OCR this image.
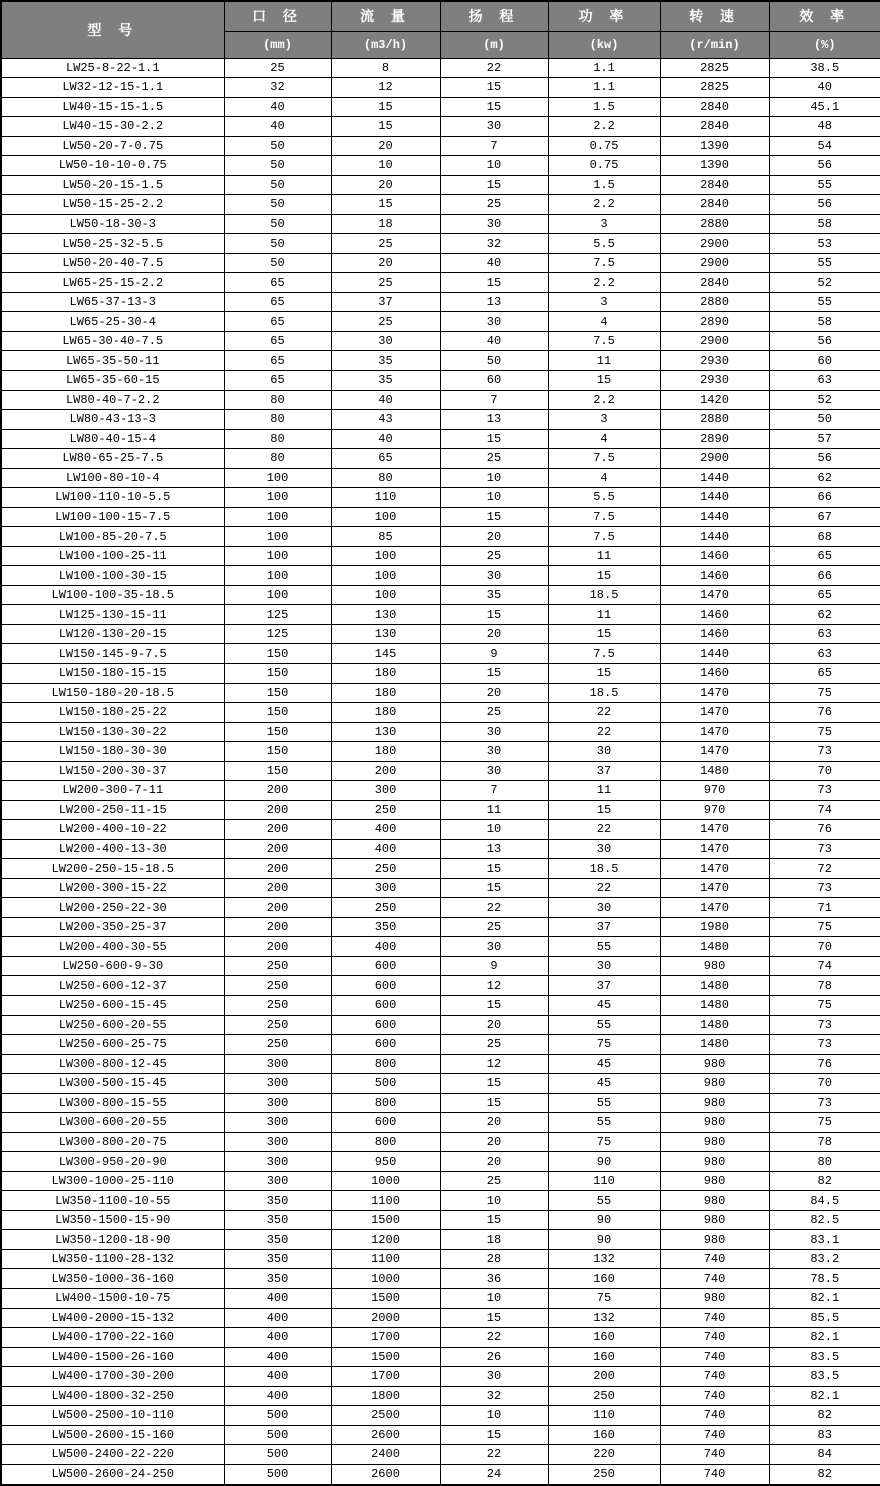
型 号	口 径	流 量	扬 程	功 率	转 速	效 率
	(mm)	(m3/h)	(m)	(kw)	(r/min)	(%)
LW25-8-22-1.1	25	8	22	1.1	2825	38.5
LW32-12-15-1.1	32	12	15	1.1	2825	40
LW40-15-15-1.5	40	15	15	1.5	2840	45.1
LW40-15-30-2.2	40	15	30	2.2	2840	48
LW50-20-7-0.75	50	20	7	0.75	1390	54
LW50-10-10-0.75	50	10	10	0.75	1390	56
LW50-20-15-1.5	50	20	15	1.5	2840	55
LW50-15-25-2.2	50	15	25	2.2	2840	56
LW50-18-30-3	50	18	30	3	2880	58
LW50-25-32-5.5	50	25	32	5.5	2900	53
LW50-20-40-7.5	50	20	40	7.5	2900	55
LW65-25-15-2.2	65	25	15	2.2	2840	52
LW65-37-13-3	65	37	13	3	2880	55
LW65-25-30-4	65	25	30	4	2890	58
LW65-30-40-7.5	65	30	40	7.5	2900	56
LW65-35-50-11	65	35	50	11	2930	60
LW65-35-60-15	65	35	60	15	2930	63
LW80-40-7-2.2	80	40	7	2.2	1420	52
LW80-43-13-3	80	43	13	3	2880	50
LW80-40-15-4	80	40	15	4	2890	57
LW80-65-25-7.5	80	65	25	7.5	2900	56
LW100-80-10-4	100	80	10	4	1440	62
LW100-110-10-5.5	100	110	10	5.5	1440	66
LW100-100-15-7.5	100	100	15	7.5	1440	67
LW100-85-20-7.5	100	85	20	7.5	1440	68
LW100-100-25-11	100	100	25	11	1460	65
LW100-100-30-15	100	100	30	15	1460	66
LW100-100-35-18.5	100	100	35	18.5	1470	65
LW125-130-15-11	125	130	15	11	1460	62
LW120-130-20-15	125	130	20	15	1460	63
LW150-145-9-7.5	150	145	9	7.5	1440	63
LW150-180-15-15	150	180	15	15	1460	65
LW150-180-20-18.5	150	180	20	18.5	1470	75
LW150-180-25-22	150	180	25	22	1470	76
LW150-130-30-22	150	130	30	22	1470	75
LW150-180-30-30	150	180	30	30	1470	73
LW150-200-30-37	150	200	30	37	1480	70
LW200-300-7-11	200	300	7	11	970	73
LW200-250-11-15	200	250	11	15	970	74
LW200-400-10-22	200	400	10	22	1470	76
LW200-400-13-30	200	400	13	30	1470	73
LW200-250-15-18.5	200	250	15	18.5	1470	72
LW200-300-15-22	200	300	15	22	1470	73
LW200-250-22-30	200	250	22	30	1470	71
LW200-350-25-37	200	350	25	37	1980	75
LW200-400-30-55	200	400	30	55	1480	70
LW250-600-9-30	250	600	9	30	980	74
LW250-600-12-37	250	600	12	37	1480	78
LW250-600-15-45	250	600	15	45	1480	75
LW250-600-20-55	250	600	20	55	1480	73
LW250-600-25-75	250	600	25	75	1480	73
LW300-800-12-45	300	800	12	45	980	76
LW300-500-15-45	300	500	15	45	980	70
LW300-800-15-55	300	800	15	55	980	73
LW300-600-20-55	300	600	20	55	980	75
LW300-800-20-75	300	800	20	75	980	78
LW300-950-20-90	300	950	20	90	980	80
LW300-1000-25-110	300	1000	25	110	980	82
LW350-1100-10-55	350	1100	10	55	980	84.5
LW350-1500-15-90	350	1500	15	90	980	82.5
LW350-1200-18-90	350	1200	18	90	980	83.1
LW350-1100-28-132	350	1100	28	132	740	83.2
LW350-1000-36-160	350	1000	36	160	740	78.5
LW400-1500-10-75	400	1500	10	75	980	82.1
LW400-2000-15-132	400	2000	15	132	740	85.5
LW400-1700-22-160	400	1700	22	160	740	82.1
LW400-1500-26-160	400	1500	26	160	740	83.5
LW400-1700-30-200	400	1700	30	200	740	83.5
LW400-1800-32-250	400	1800	32	250	740	82.1
LW500-2500-10-110	500	2500	10	110	740	82
LW500-2600-15-160	500	2600	15	160	740	83
LW500-2400-22-220	500	2400	22	220	740	84
LW500-2600-24-250	500	2600	24	250	740	82
